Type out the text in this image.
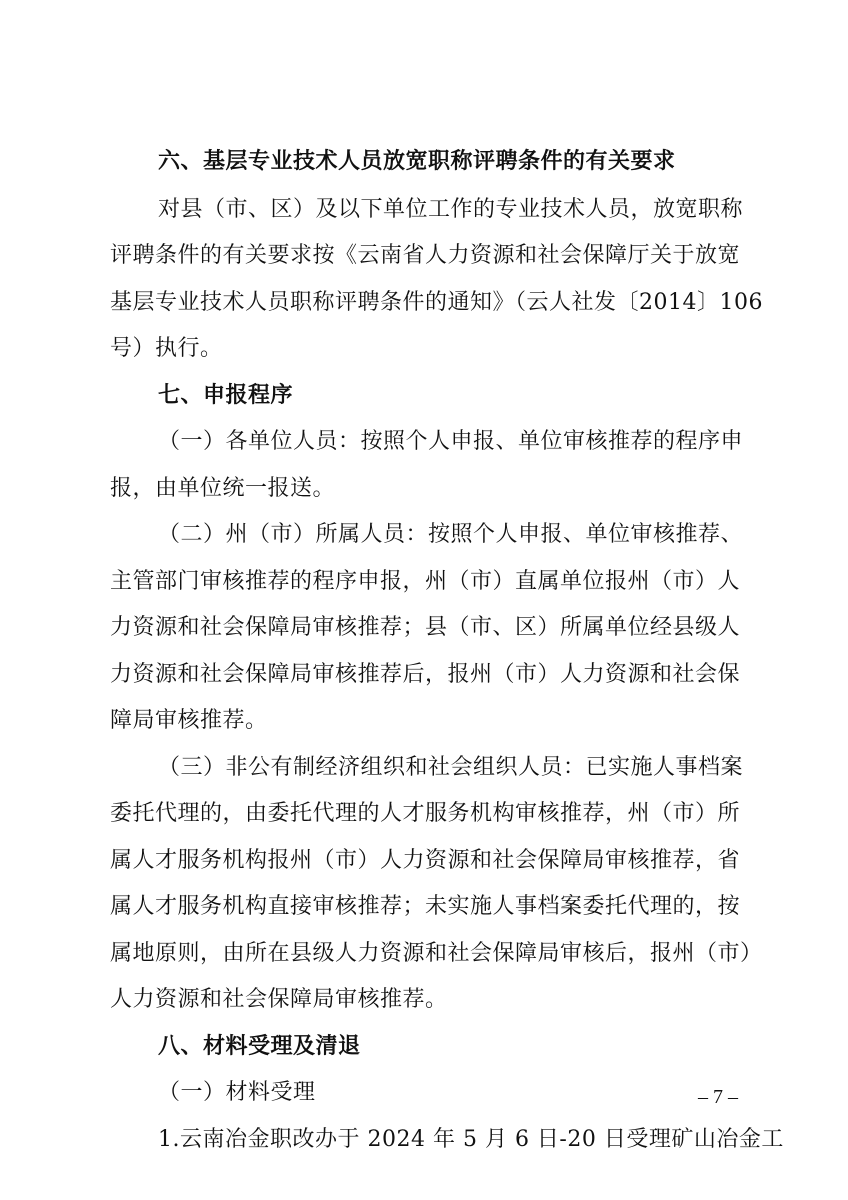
六、基层专业技术人员放宽职称评聘条件的有关要求
对县（市、区）及以下单位工作的专业技术人员，放宽职称
评聘条件的有关要求按《云南省人力资源和社会保障厅关于放宽
基层专业技术人员职称评聘条件的通知》（云人社发〔2014〕106
号）执行。
七、申报程序
（一）各单位人员：按照个人申报、单位审核推荐的程序申
报，由单位统一报送。
（二）州（市）所属人员：按照个人申报、单位审核推荐、
主管部门审核推荐的程序申报，州（市）直属单位报州（市）人
力资源和社会保障局审核推荐；县（市、区）所属单位经县级人
力资源和社会保障局审核推荐后，报州（市）人力资源和社会保
障局审核推荐。
（三）非公有制经济组织和社会组织人员：已实施人事档案
委托代理的，由委托代理的人才服务机构审核推荐，州（市）所
属人才服务机构报州（市）人力资源和社会保障局审核推荐，省
属人才服务机构直接审核推荐；未实施人事档案委托代理的，按
属地原则，由所在县级人力资源和社会保障局审核后，报州（市）
人力资源和社会保障局审核推荐。
八、材料受理及清退
（一）材料受理
1.云南冶金职改办于 2024 年 5 月 6 日-20 日受理矿山冶金工
– 7 –
